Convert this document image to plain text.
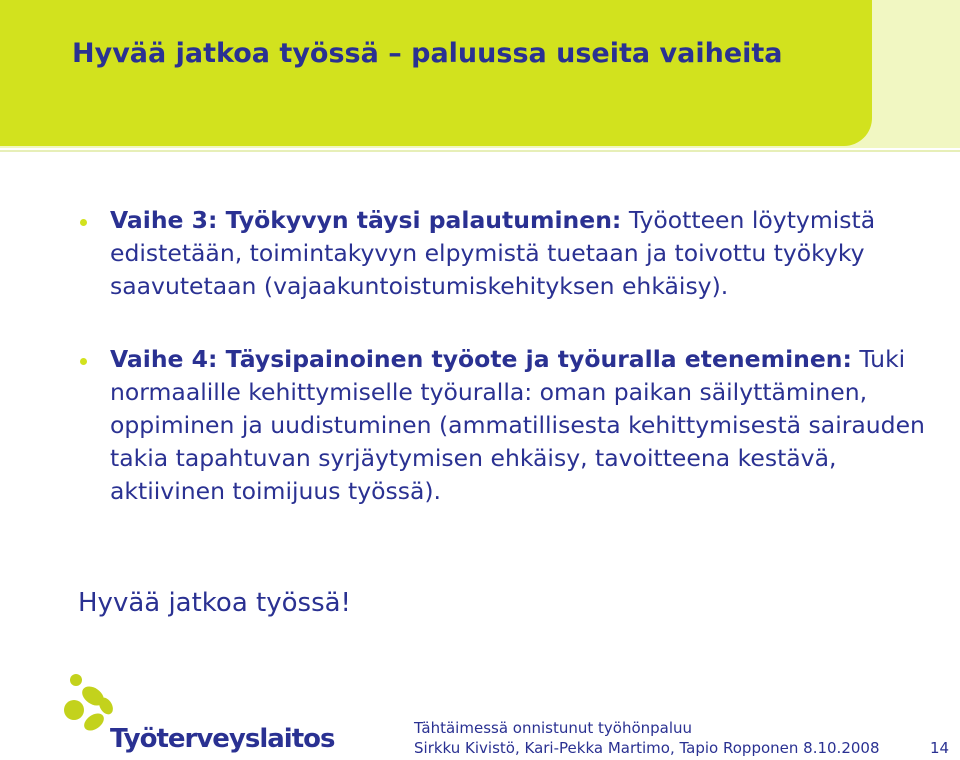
Hyvää jatkoa työssä – paluussa useita vaiheita
Vaihe 3: Työkyvyn täysi palautuminen: Työotteen löytymistä edistetään, toimintakyvyn elpymistä tuetaan ja toivottu työkyky saavutetaan (vajaakuntoistumiskehityksen ehkäisy).
Vaihe 4: Täysipainoinen työote ja työuralla eteneminen: Tuki normaalille kehittymiselle työuralla: oman paikan säilyttäminen, oppiminen ja uudistuminen (ammatillisesta kehittymisestä sairauden takia tapahtuvan syrjäytymisen ehkäisy, tavoitteena kestävä, aktiivinen toimijuus työssä).

Hyvää jatkoa työssä!

Työterveyslaitos	Tähtäimessä onnistunut työhönpaluu
Sirkku Kivistö, Kari-Pekka Martimo, Tapio Ropponen 8.10.2008	14
